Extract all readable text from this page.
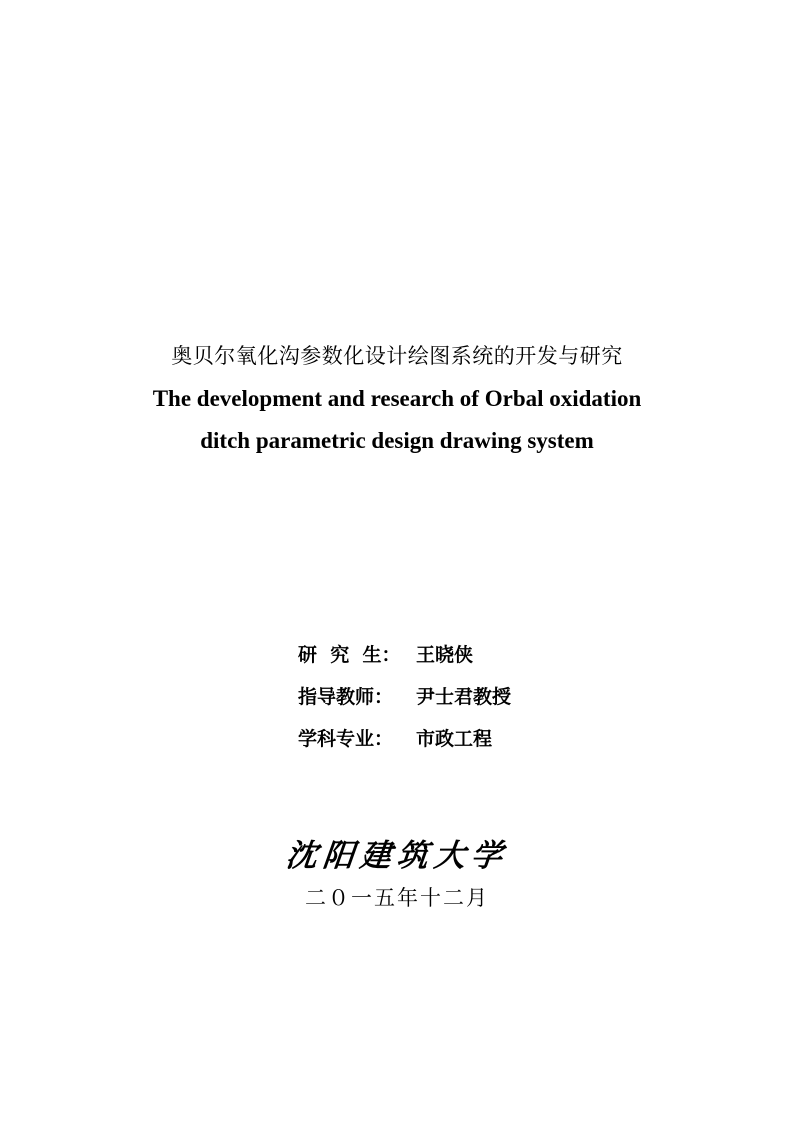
奥贝尔氧化沟参数化设计绘图系统的开发与研究
The development and research of Orbal oxidation
ditch parametric design drawing system
研  究  生： 王晓侠
指导教师：	尹士君教授
学科专业：	市政工程
沈阳建筑大学
二０一五年十二月
